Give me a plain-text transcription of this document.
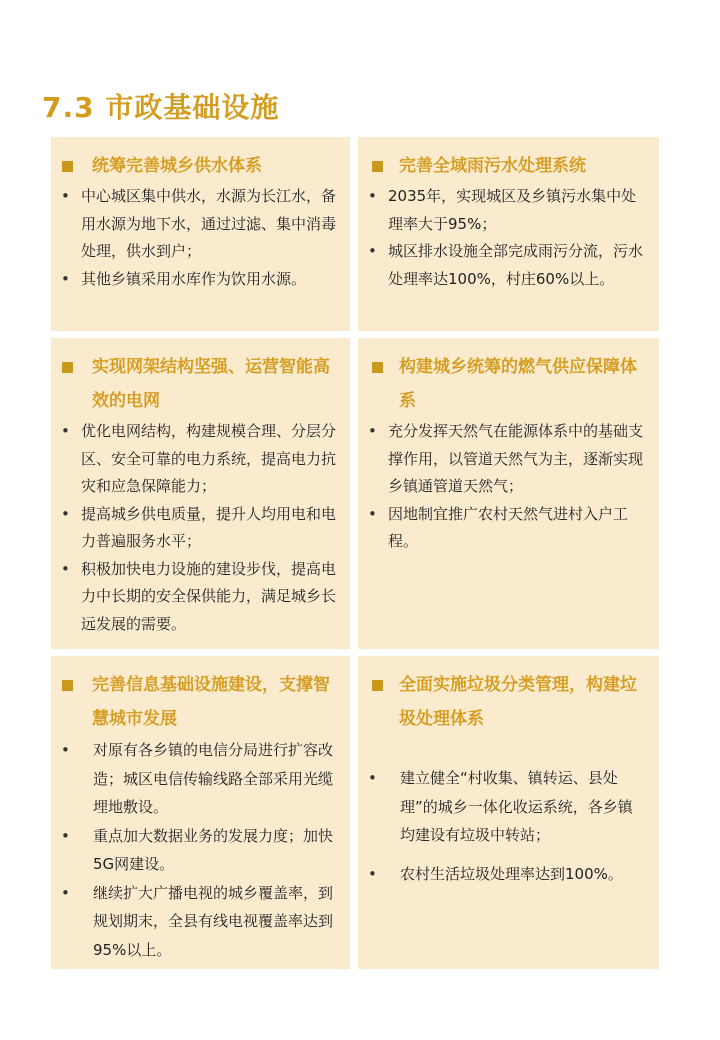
7.3 市政基础设施
统筹完善城乡供水体系
• 中心城区集中供水，水源为长江水，备用水源为地下水，通过过滤、集中消毒处理，供水到户；
• 其他乡镇采用水库作为饮用水源。
完善全域雨污水处理系统
• 2035年，实现城区及乡镇污水集中处理率大于95%；
• 城区排水设施全部完成雨污分流，污水处理率达100%，村庄60%以上。
实现网架结构坚强、运营智能高效的电网
• 优化电网结构，构建规模合理、分层分区、安全可靠的电力系统，提高电力抗灾和应急保障能力；
• 提高城乡供电质量，提升人均用电和电力普遍服务水平；
• 积极加快电力设施的建设步伐，提高电力中长期的安全保供能力，满足城乡长远发展的需要。
构建城乡统筹的燃气供应保障体系
• 充分发挥天然气在能源体系中的基础支撑作用，以管道天然气为主，逐渐实现乡镇通管道天然气；
• 因地制宜推广农村天然气进村入户工程。
完善信息基础设施建设，支撑智慧城市发展
• 对原有各乡镇的电信分局进行扩容改造；城区电信传输线路全部采用光缆埋地敷设。
• 重点加大数据业务的发展力度；加快5G网建设。
• 继续扩大广播电视的城乡覆盖率，到规划期末，全县有线电视覆盖率达到95%以上。
全面实施垃圾分类管理，构建垃圾处理体系
• 建立健全“村收集、镇转运、县处理”的城乡一体化收运系统，各乡镇均建设有垃圾中转站；
• 农村生活垃圾处理率达到100%。
